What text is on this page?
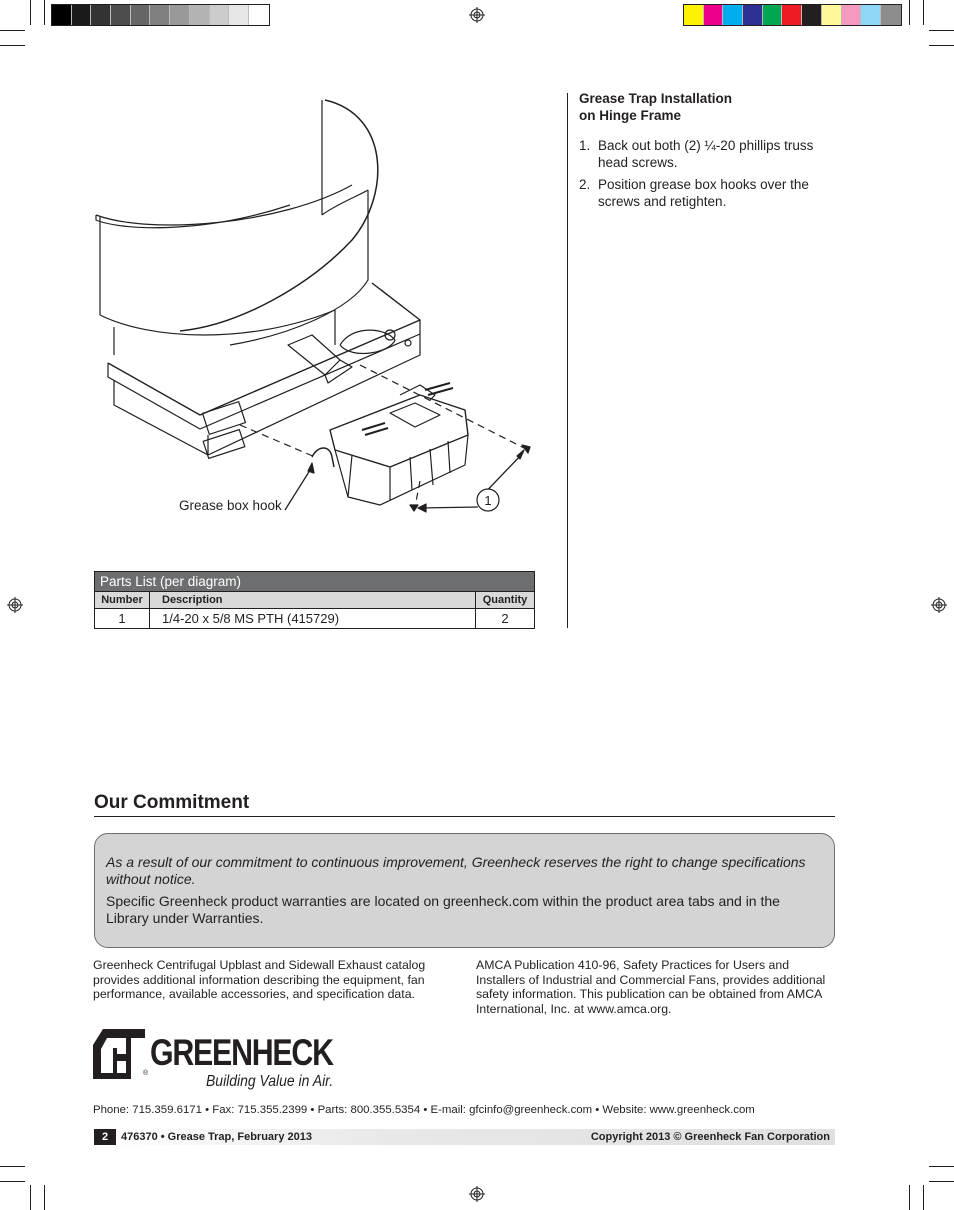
1
Grease box hook
Parts List (per diagram)		
Number	Description	Quantity
1	1/4-20 x 5/8 MS PTH (415729)	2
Grease Trap Installation
on Hinge Frame
1. Back out both (2) ¼-20 phillips truss head screws.
2. Position grease box hooks over the screws and retighten.
Our Commitment

As a result of our commitment to continuous improvement, Greenheck reserves the right to change specifications without notice.

Specific Greenheck product warranties are located on greenheck.com within the product area tabs and in the Library under Warranties.

Greenheck Centrifugal Upblast and Sidewall Exhaust catalog provides additional information describing the equipment, fan performance, available accessories, and specification data.
AMCA Publication 410-96, Safety Practices for Users and Installers of Industrial and Commercial Fans, provides additional safety information. This publication can be obtained from AMCA International, Inc. at www.amca.org.
®
GREENHECK
Building Value in Air.
Phone: 715.359.6171 • Fax: 715.355.2399 • Parts: 800.355.5354 • E-mail: gfcinfo@greenheck.com • Website: www.greenheck.com
2	476370 • Grease Trap, February 2013	Copyright 2013 © Greenheck Fan Corporation
